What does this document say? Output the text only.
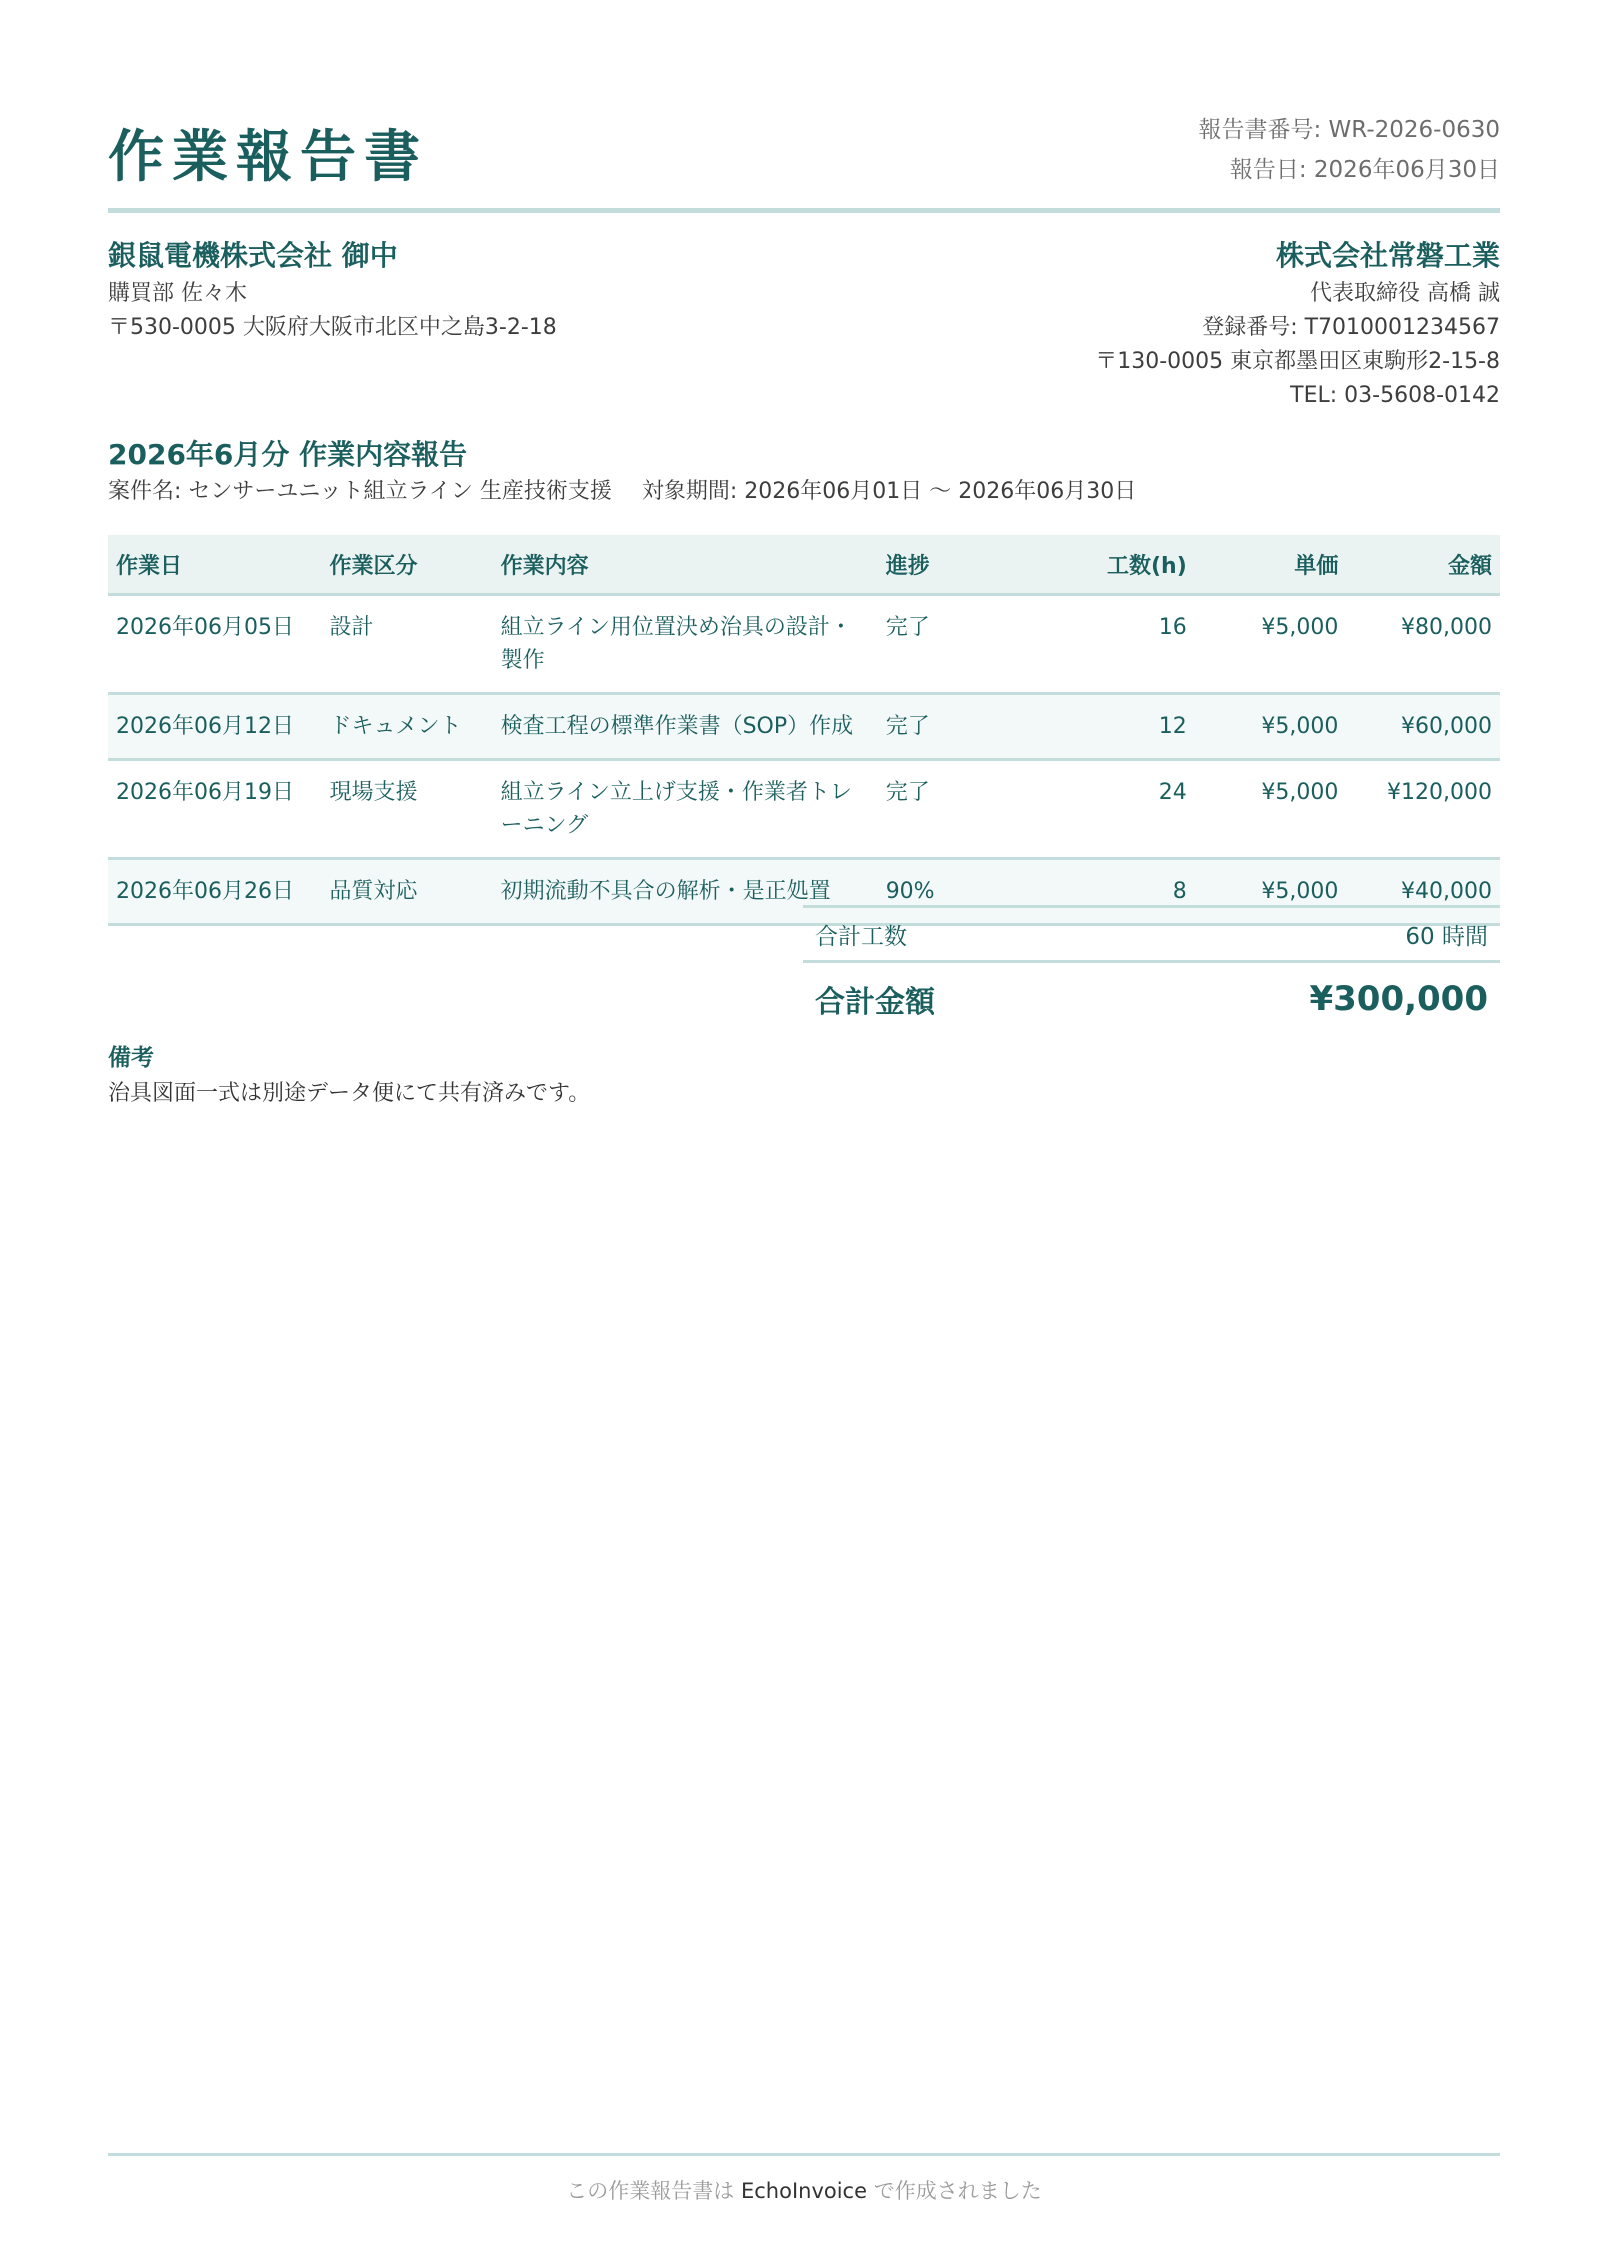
作業報告書	報告書番号: WR-2026-0630
報告日: 2026年06月30日
銀鼠電機株式会社 御中
購買部 佐々木
〒530-0005 大阪府大阪市北区中之島3-2-18
株式会社常磐工業
代表取締役 高橋 誠
登録番号: T7010001234567
〒130-0005 東京都墨田区東駒形2-15-8
TEL: 03-5608-0142
2026年6月分 作業内容報告
案件名: センサーユニット組立ライン 生産技術支援 対象期間: 2026年06月01日 〜 2026年06月30日
作業日	作業区分	作業内容	進捗	工数(h)	単価	金額
2026年06月05日	設計	組立ライン用位置決め治具の設計・製作	完了	16	¥5,000	¥80,000
2026年06月12日	ドキュメント	検査工程の標準作業書（SOP）作成	完了	12	¥5,000	¥60,000
2026年06月19日	現場支援	組立ライン立上げ支援・作業者トレーニング	完了	24	¥5,000	¥120,000
2026年06月26日	品質対応	初期流動不具合の解析・是正処置	90%	8	¥5,000	¥40,000
合計工数	60 時間
合計金額	¥300,000
備考
治具図面一式は別途データ便にて共有済みです。
この作業報告書は EchoInvoice で作成されました
